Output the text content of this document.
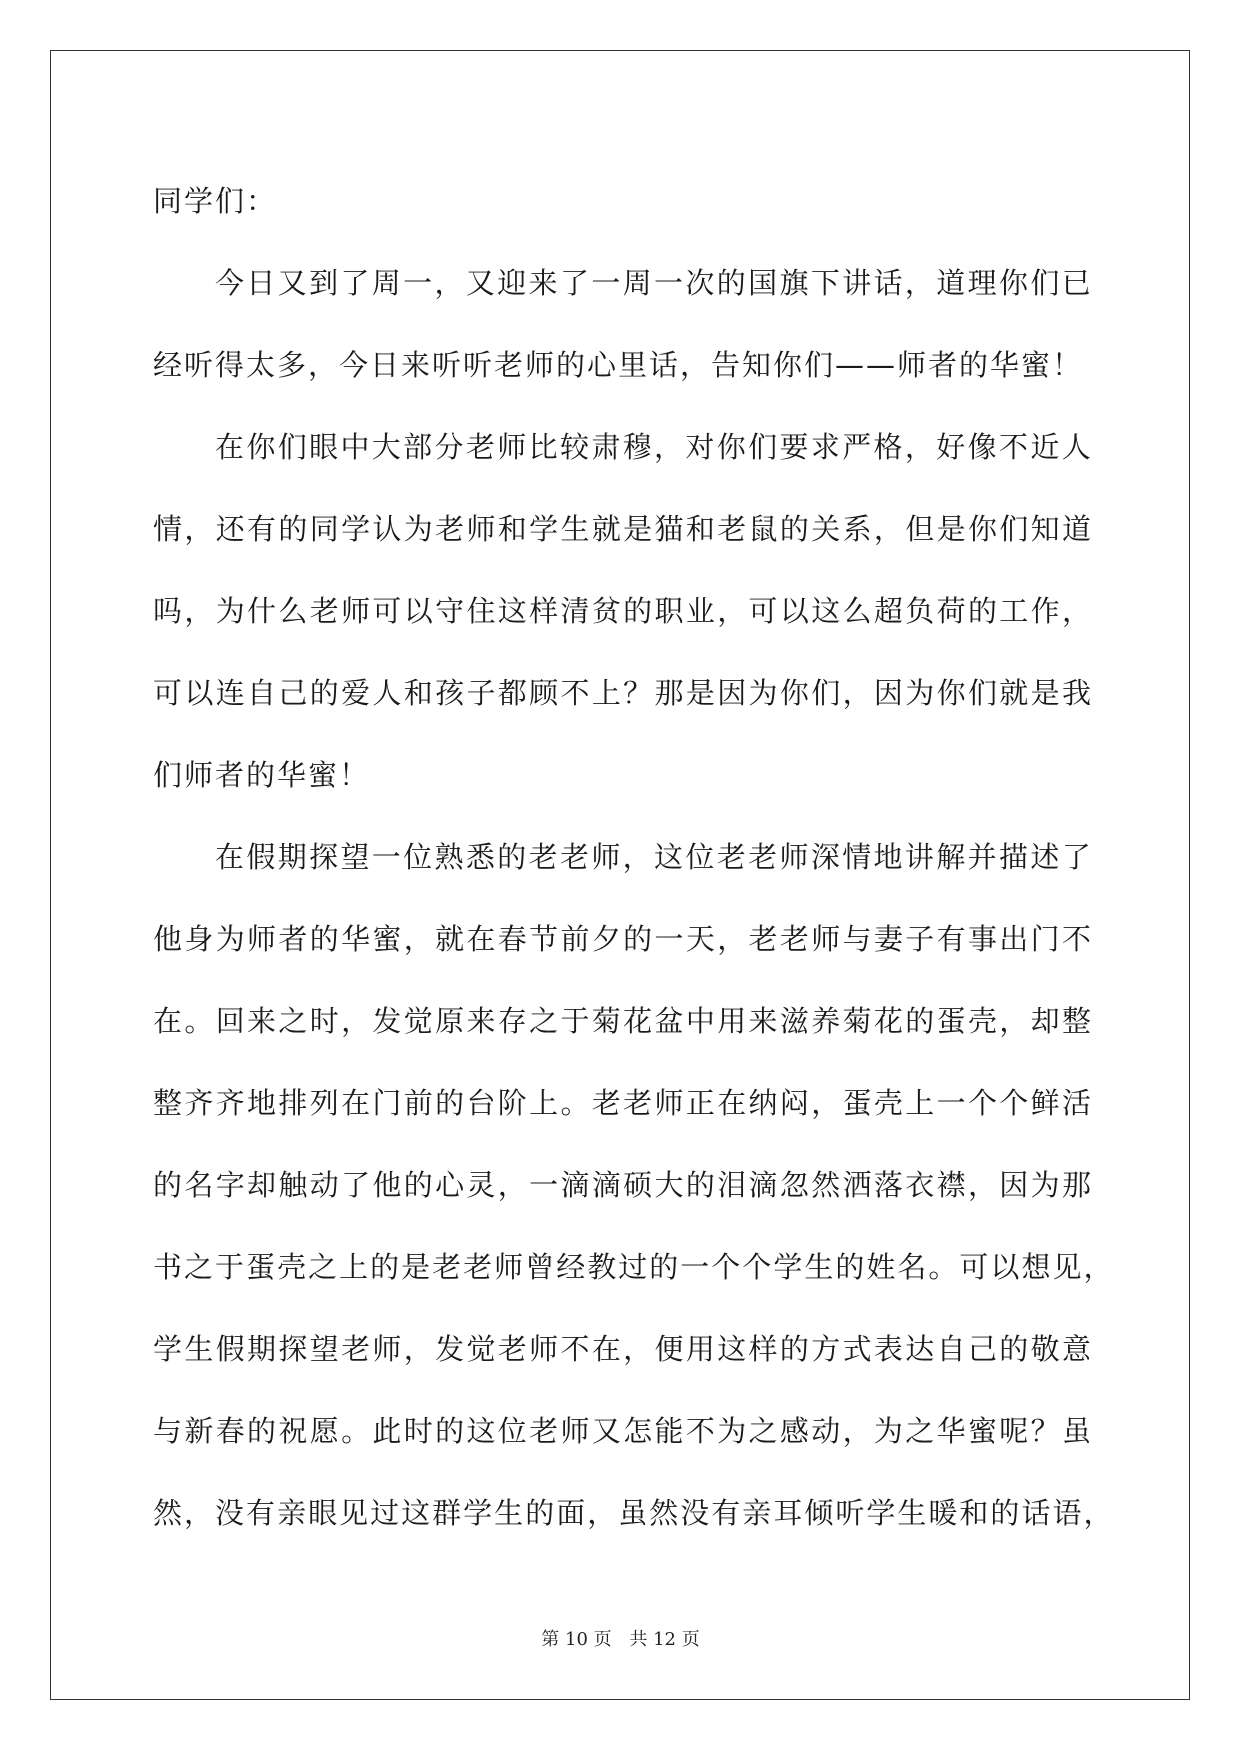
同学们：
今 日 又 到 了 周 一 ， 又 迎 来 了 一 周 一 次 的 国 旗 下 讲 话 ， 道 理 你 们 已
经听得太多，今日来听听老师的心里话，告知你们——师者的华蜜！
在 你 们 眼 中 大 部 分 老 师 比 较 肃 穆 ， 对 你 们 要 求 严 格 ， 好 像 不 近 人
情 ， 还 有 的 同 学 认 为 老 师 和 学 生 就 是 猫 和 老 鼠 的 关 系 ， 但 是 你 们 知 道
吗 ， 为 什 么 老 师 可 以 守 住 这 样 清 贫 的 职 业 ， 可 以 这 么 超 负 荷 的 工 作 ，
可 以 连 自 己 的 爱 人 和 孩 子 都 顾 不 上 ？ 那 是 因 为 你 们 ， 因 为 你 们 就 是 我
们师者的华蜜！
在 假 期 探 望 一 位 熟 悉 的 老 老 师 ， 这 位 老 老 师 深 情 地 讲 解 并 描 述 了
他 身 为 师 者 的 华 蜜 ， 就 在 春 节 前 夕 的 一 天 ， 老 老 师 与 妻 子 有 事 出 门 不
在 。 回 来 之 时 ， 发 觉 原 来 存 之 于 菊 花 盆 中 用 来 滋 养 菊 花 的 蛋 壳 ， 却 整
整 齐 齐 地 排 列 在 门 前 的 台 阶 上 。 老 老 师 正 在 纳 闷 ， 蛋 壳 上 一 个 个 鲜 活
的 名 字 却 触 动 了 他 的 心 灵 ， 一 滴 滴 硕 大 的 泪 滴 忽 然 洒 落 衣 襟 ， 因 为 那
书 之 于 蛋 壳 之 上 的 是 老 老 师 曾 经 教 过 的 一 个 个 学 生 的 姓 名 。 可 以 想 见 ，
学 生 假 期 探 望 老 师 ， 发 觉 老 师 不 在 ， 便 用 这 样 的 方 式 表 达 自 己 的 敬 意
与 新 春 的 祝 愿 。 此 时 的 这 位 老 师 又 怎 能 不 为 之 感 动 ， 为 之 华 蜜 呢 ？ 虽
然 ， 没 有 亲 眼 见 过 这 群 学 生 的 面 ， 虽 然 没 有 亲 耳 倾 听 学 生 暖 和 的 话 语 ，
第 10 页 共 12 页
